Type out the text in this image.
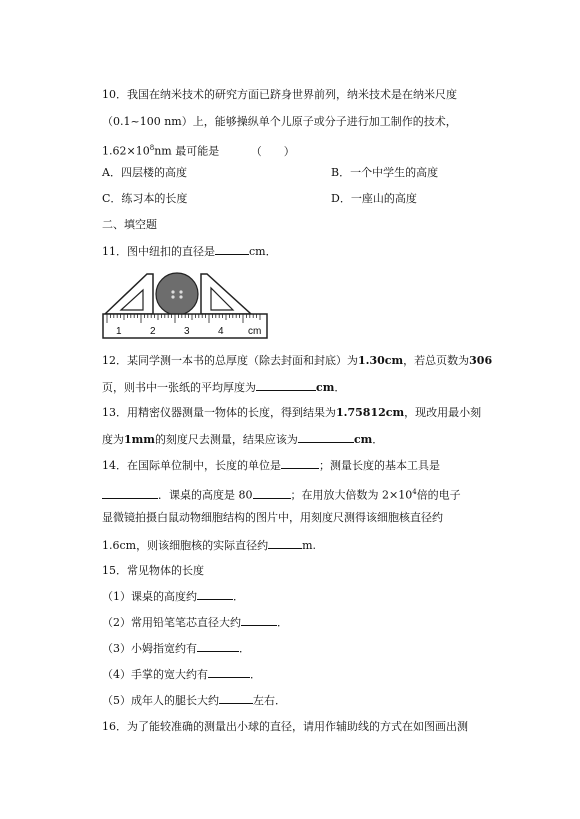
10．我国在纳米技术的研究方面已跻身世界前列，纳米技术是在纳米尺度
（0.1~100 nm）上，能够操纵单个儿原子或分子进行加工制作的技术，
$1.62\times 10^8nm$ 最可能是	（　　）
A．四层楼的高度	B．一个中学生的高度
C．练习本的长度	D．一座山的高度
二、填空题
11．图中纽扣的直径是	cm．
1	2	3	4 cm
12．某同学测一本书的总厚度（除去封面和封底）为1.30cm，若总页数为306
页，则书中一张纸的平均厚度为	cm．
13．用精密仪器测量一物体的长度，得到结果为1.75812cm，现改用最小刻
度为1mm的刻度尺去测量，结果应该为	cm．
14．在国际单位制中，长度的单位是	；测量长度的基本工具是
．课桌的高度是 80	；在用放大倍数为 $2\times 10^4$倍的电子
显微镜拍摄白鼠动物细胞结构的图片中，用刻度尺测得该细胞核直径约
1.6cm，则该细胞核的实际直径约	m.
15．常见物体的长度
（1）课桌的高度约	．
（2）常用铅笔笔芯直径大约	．
（3）小姆指宽约有	．
（4）手掌的宽大约有	．
（5）成年人的腿长大约	左右．
16．为了能较准确的测量出小球的直径，请用作辅助线的方式在如图画出测
